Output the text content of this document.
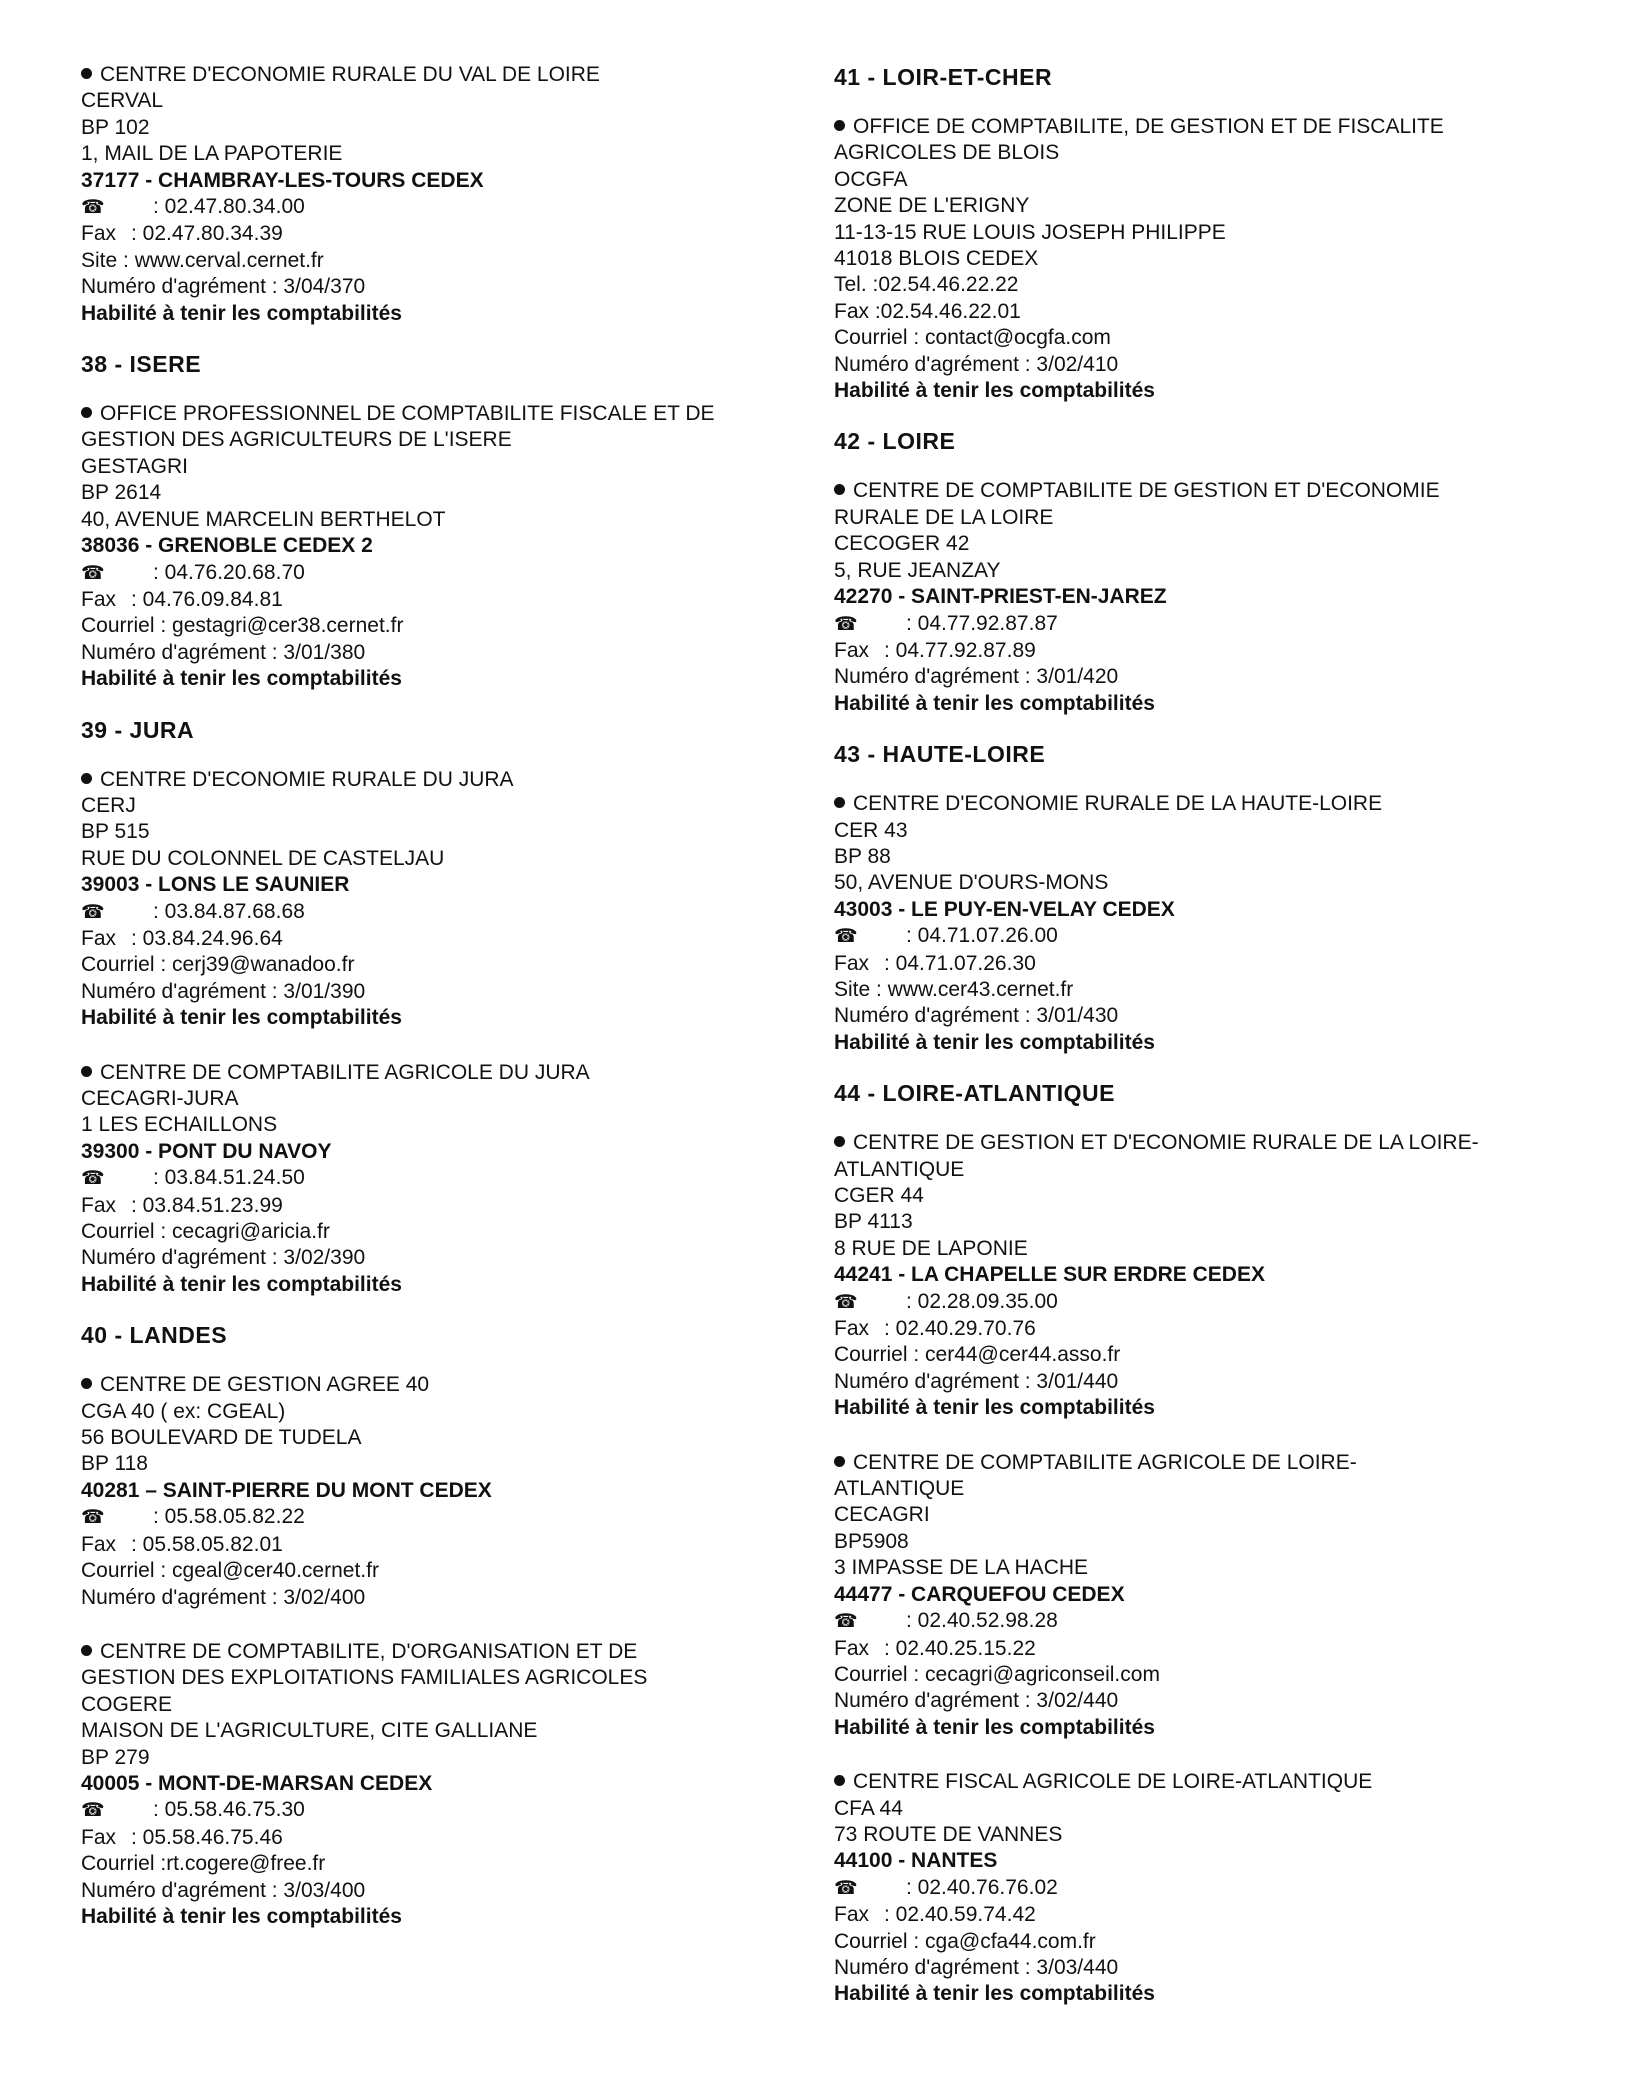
CENTRE D'ECONOMIE RURALE DU VAL DE LOIRE
CERVAL
BP 102
1, MAIL DE LA PAPOTERIE
37177 - CHAMBRAY-LES-TOURS CEDEX
☎ : 02.47.80.34.00
Fax : 02.47.80.34.39
Site : www.cerval.cernet.fr
Numéro d'agrément : 3/04/370
Habilité à tenir les comptabilités
38 - ISERE
OFFICE PROFESSIONNEL DE COMPTABILITE FISCALE ET DE
GESTION DES AGRICULTEURS DE L'ISERE
GESTAGRI
BP 2614
40, AVENUE MARCELIN BERTHELOT
38036 - GRENOBLE CEDEX 2
☎ : 04.76.20.68.70
Fax : 04.76.09.84.81
Courriel : gestagri@cer38.cernet.fr
Numéro d'agrément : 3/01/380
Habilité à tenir les comptabilités
39 - JURA
CENTRE D'ECONOMIE RURALE DU JURA
CERJ
BP 515
RUE DU COLONNEL DE CASTELJAU
39003 - LONS LE SAUNIER
☎ : 03.84.87.68.68
Fax : 03.84.24.96.64
Courriel : cerj39@wanadoo.fr
Numéro d'agrément : 3/01/390
Habilité à tenir les comptabilités
CENTRE DE COMPTABILITE AGRICOLE DU JURA
CECAGRI-JURA
1 LES ECHAILLONS
39300 - PONT DU NAVOY
☎ : 03.84.51.24.50
Fax : 03.84.51.23.99
Courriel : cecagri@aricia.fr
Numéro d'agrément : 3/02/390
Habilité à tenir les comptabilités
40 - LANDES
CENTRE DE GESTION AGREE 40
CGA 40 ( ex: CGEAL)
56 BOULEVARD DE TUDELA
BP 118
40281 – SAINT-PIERRE DU MONT CEDEX
☎ : 05.58.05.82.22
Fax : 05.58.05.82.01
Courriel : cgeal@cer40.cernet.fr
Numéro d'agrément : 3/02/400
CENTRE DE COMPTABILITE, D'ORGANISATION ET DE
GESTION DES EXPLOITATIONS FAMILIALES AGRICOLES
COGERE
MAISON DE L'AGRICULTURE, CITE GALLIANE
BP 279
40005 - MONT-DE-MARSAN CEDEX
☎ : 05.58.46.75.30
Fax : 05.58.46.75.46
Courriel :rt.cogere@free.fr
Numéro d'agrément : 3/03/400
Habilité à tenir les comptabilités
41 - LOIR-ET-CHER
OFFICE DE COMPTABILITE, DE GESTION ET DE FISCALITE
AGRICOLES DE BLOIS
OCGFA
ZONE DE L'ERIGNY
11-13-15 RUE LOUIS JOSEPH PHILIPPE
41018 BLOIS CEDEX
Tel. :02.54.46.22.22
Fax :02.54.46.22.01
Courriel : contact@ocgfa.com
Numéro d'agrément : 3/02/410
Habilité à tenir les comptabilités
42 - LOIRE
CENTRE DE COMPTABILITE DE GESTION ET D'ECONOMIE
RURALE DE LA LOIRE
CECOGER 42
5, RUE JEANZAY
42270 - SAINT-PRIEST-EN-JAREZ
☎ : 04.77.92.87.87
Fax : 04.77.92.87.89
Numéro d'agrément : 3/01/420
Habilité à tenir les comptabilités
43 - HAUTE-LOIRE
CENTRE D'ECONOMIE RURALE DE LA HAUTE-LOIRE
CER 43
BP 88
50, AVENUE D'OURS-MONS
43003 - LE PUY-EN-VELAY CEDEX
☎ : 04.71.07.26.00
Fax : 04.71.07.26.30
Site : www.cer43.cernet.fr
Numéro d'agrément : 3/01/430
Habilité à tenir les comptabilités
44 - LOIRE-ATLANTIQUE
CENTRE DE GESTION ET D'ECONOMIE RURALE DE LA LOIRE-
ATLANTIQUE
CGER 44
BP 4113
8 RUE DE LAPONIE
44241 - LA CHAPELLE SUR ERDRE CEDEX
☎ : 02.28.09.35.00
Fax : 02.40.29.70.76
Courriel : cer44@cer44.asso.fr
Numéro d'agrément : 3/01/440
Habilité à tenir les comptabilités
CENTRE DE COMPTABILITE AGRICOLE DE LOIRE-
ATLANTIQUE
CECAGRI
BP5908
3 IMPASSE DE LA HACHE
44477 - CARQUEFOU CEDEX
☎ : 02.40.52.98.28
Fax : 02.40.25.15.22
Courriel : cecagri@agriconseil.com
Numéro d'agrément : 3/02/440
Habilité à tenir les comptabilités
CENTRE FISCAL AGRICOLE DE LOIRE-ATLANTIQUE
CFA 44
73 ROUTE DE VANNES
44100 - NANTES
☎ : 02.40.76.76.02
Fax : 02.40.59.74.42
Courriel : cga@cfa44.com.fr
Numéro d'agrément : 3/03/440
Habilité à tenir les comptabilités
